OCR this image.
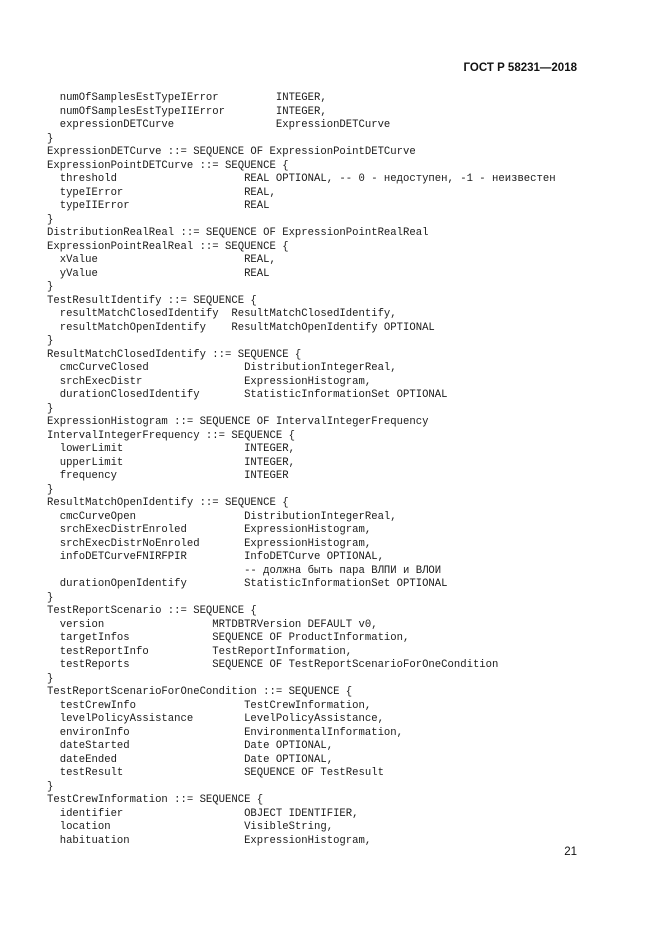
ГОСТ Р 58231—2018
numOfSamplesEstTypeIError         INTEGER,
numOfSamplesEstTypeIIError        INTEGER,
expressionDETCurve                ExpressionDETCurve
}
ExpressionDETCurve ::= SEQUENCE OF ExpressionPointDETCurve
ExpressionPointDETCurve ::= SEQUENCE {
threshold                    REAL OPTIONAL, -- 0 - недоступен, -1 - неизвестен
typeIError                   REAL,
typeIIError                  REAL
}
DistributionRealReal ::= SEQUENCE OF ExpressionPointRealReal
ExpressionPointRealReal ::= SEQUENCE {
xValue                       REAL,
yValue                       REAL
}
TestResultIdentify ::= SEQUENCE {
resultMatchClosedIdentify  ResultMatchClosedIdentify,
resultMatchOpenIdentify    ResultMatchOpenIdentify OPTIONAL
}
ResultMatchClosedIdentify ::= SEQUENCE {
cmcCurveClosed               DistributionIntegerReal,
srchExecDistr                ExpressionHistogram,
durationClosedIdentify       StatisticInformationSet OPTIONAL
}
ExpressionHistogram ::= SEQUENCE OF IntervalIntegerFrequency
IntervalIntegerFrequency ::= SEQUENCE {
lowerLimit                   INTEGER,
upperLimit                   INTEGER,
frequency                    INTEGER
}
ResultMatchOpenIdentify ::= SEQUENCE {
cmcCurveOpen                 DistributionIntegerReal,
srchExecDistrEnroled         ExpressionHistogram,
srchExecDistrNoEnroled       ExpressionHistogram,
infoDETCurveFNIRFPIR         InfoDETCurve OPTIONAL,
-- должна быть пара ВЛПИ и ВЛОИ
durationOpenIdentify         StatisticInformationSet OPTIONAL
}
TestReportScenario ::= SEQUENCE {
version                 MRTDBTRVersion DEFAULT v0,
targetInfos             SEQUENCE OF ProductInformation,
testReportInfo          TestReportInformation,
testReports             SEQUENCE OF TestReportScenarioForOneCondition
}
TestReportScenarioForOneCondition ::= SEQUENCE {
testCrewInfo                 TestCrewInformation,
levelPolicyAssistance        LevelPolicyAssistance,
environInfo                  EnvironmentalInformation,
dateStarted                  Date OPTIONAL,
dateEnded                    Date OPTIONAL,
testResult                   SEQUENCE OF TestResult
}
TestCrewInformation ::= SEQUENCE {
identifier                   OBJECT IDENTIFIER,
location                     VisibleString,
habituation                  ExpressionHistogram,
21
